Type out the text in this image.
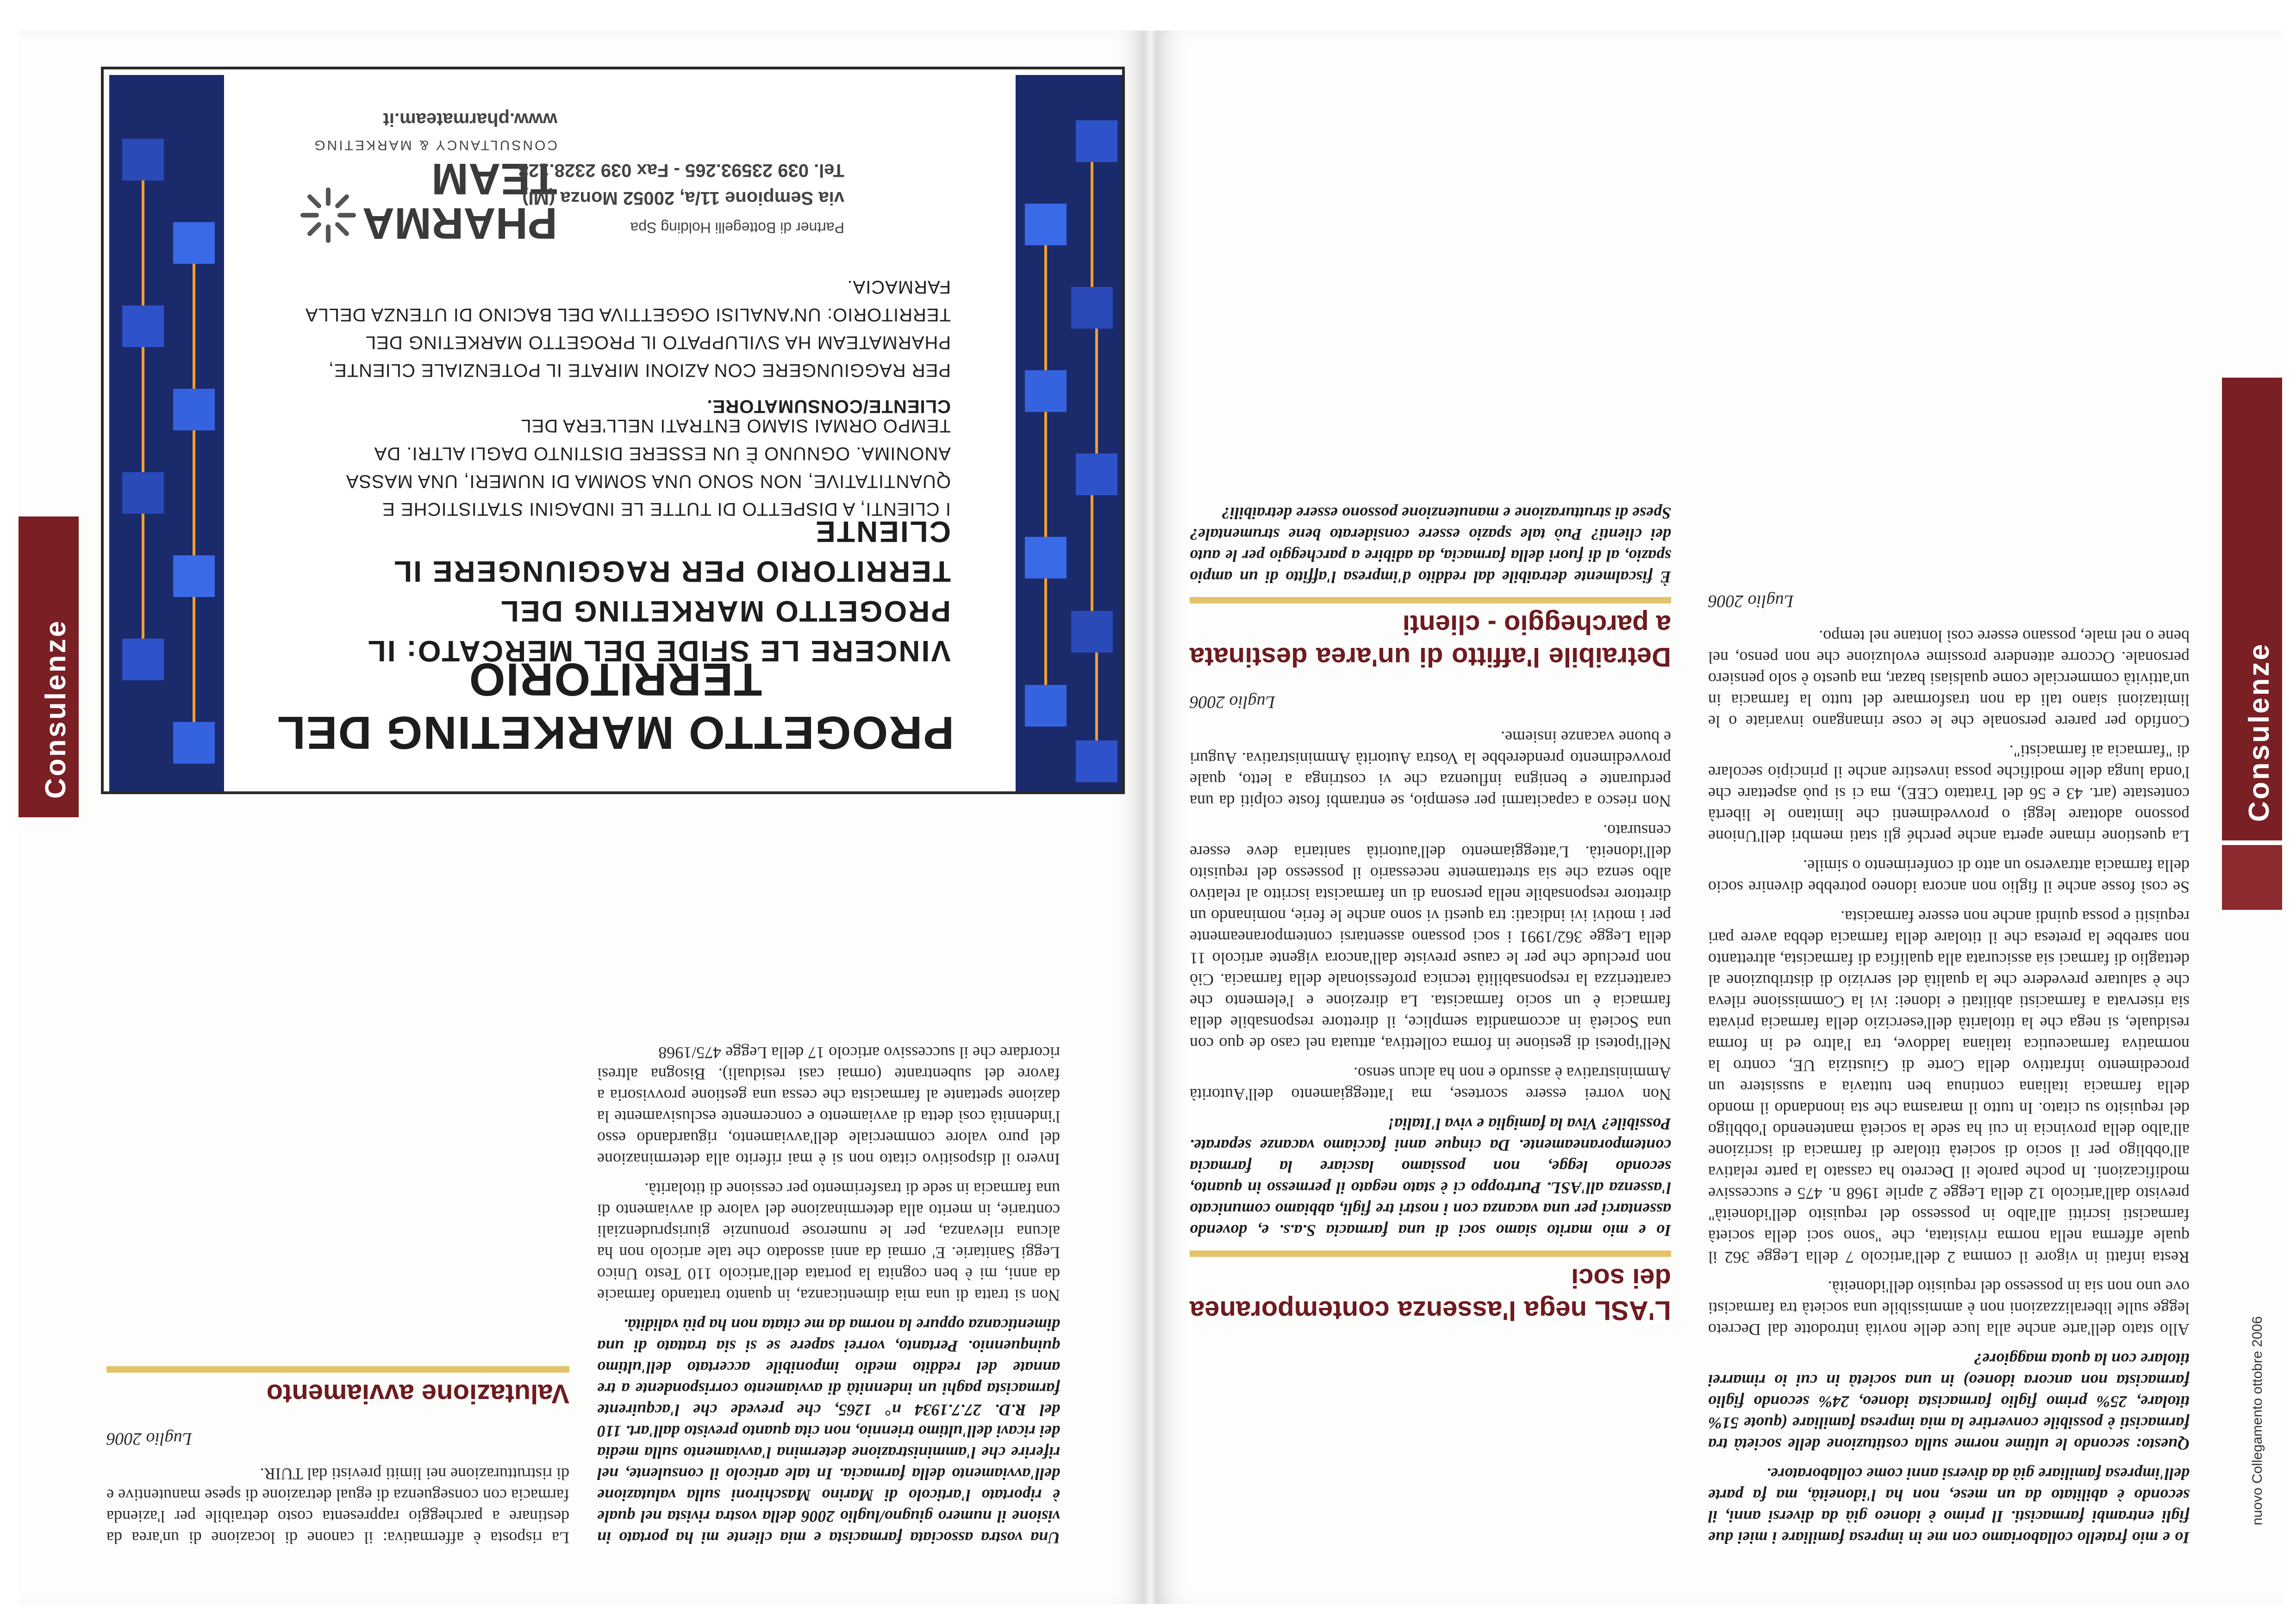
nuovo Collegamento ottobre 2006
Consulenze

Io e mio fratello collaboriamo con me in impresa familiare i miei due figli entrambi farmacisti. Il primo è idoneo già da diversi anni, il secondo è abilitato da un mese, non ha l'idoneità, ma fa parte dell'impresa familiare già da diversi anni come collaboratore.

Questo: secondo le ultime norme sulla costituzione delle società tra farmacisti è possibile convertire la mia impresa familiare (quote 51% titolare, 25% primo figlio farmacista idoneo, 24% secondo figlio farmacista non ancora idoneo) in una società in cui io rimarrei titolare con la quota maggiore?

Allo stato dell'arte anche alla luce delle novità introdotte dal Decreto legge sulle liberalizzazioni non è ammissibile una società tra farmacisti ove uno non sia in possesso del requisito dell'idoneità.

Resta infatti in vigore il comma 2 dell'articolo 7 della Legge 362 il quale afferma nella norma rivisitata, che "sono soci della società farmacisti iscritti all'albo in possesso del requisito dell'idoneità" previsto dall'articolo 12 della Legge 2 aprile 1968 n. 475 e successive modificazioni. In poche parole il Decreto ha cassato la parte relativa all'obbligo per il socio di società titolare di farmacia di iscrizione all'albo della provincia in cui ha sede la società mantenendo l'obbligo del requisito su citato. In tutto il marasma che sta inondando il mondo della farmacia italiana continua ben tuttavia a sussistere un procedimento infrattivo della Corte di Giustizia UE, contro la normativa farmaceutica italiana laddove, tra l'altro ed in forma residuale, si nega che la titolarità dell'esercizio della farmacia privata sia riservata a farmacisti abilitati e idonei: ivi la Commissione rileva che è salutare prevedere che la qualità del servizio di distribuzione al dettaglio di farmaci sia assicurata alla qualifica di farmacista, altrettanto non sarebbe la pretesa che il titolare della farmacia debba avere pari requisiti e possa quindi anche non essere farmacista.

Se così fosse anche il figlio non ancora idoneo potrebbe divenire socio della farmacia attraverso un atto di conferimento o simile.

La questione rimane aperta anche perché gli stati membri dell'Unione possono adottare leggi o provvedimenti che limitano le libertà contestate (art. 43 e 56 del Trattato CEE), ma ci si può aspettare che l'onda lunga delle modifiche possa investire anche il principio secolare di "farmacia ai farmacisti".

Confido per parere personale che le cose rimangano invariate o le limitazioni siano tali da non trasformare del tutto la farmacia in un'attività commerciale come qualsiasi bazar, ma questo è solo pensiero personale. Occorre attendere prossime evoluzione che non penso, nel bene o nel male, possano essere così lontane nel tempo.

Luglio 2006
L'ASL nega l'assenza contemporanea dei soci

Io e mio marito siamo soci di una farmacia S.a.s. e, dovendo assentarci per una vacanza con i nostri tre figli, abbiamo comunicato l'assenza all'ASL. Purtroppo ci è stato negato il permesso in quanto, secondo legge, non possiamo lasciare la farmacia contemporaneamente. Da cinque anni facciamo vacanze separate. Possibile? Viva la famiglia e viva l'Italia!

Non vorrei essere scortese, ma l'atteggiamento dell'Autorità Amministrativa è assurdo e non ha alcun senso.

Nell'ipotesi di gestione in forma collettiva, attuata nel caso de quo con una Società in accomandita semplice, il direttore responsabile della farmacia è un socio farmacista. La direzione e l'elemento che caratterizza la responsabilità tecnica professionale della farmacia. Ciò non preclude che per le cause previste dall'ancora vigente articolo 11 della Legge 362/1991 i soci possano assentarsi contemporaneamente per i motivi ivi indicati: tra questi vi sono anche le ferie, nominando un direttore responsabile nella persona di un farmacista iscritto al relativo albo senza che sia strettamente necessario il possesso del requisito dell'idoneità. L'atteggiamento dell'autorità sanitaria deve essere censurato.

Non riesco a capacitarmi per esempio, se entrambi foste colpiti da una perdurante e benigna influenza che vi costringa a letto, quale provvedimento prenderebbe la Vostra Autorità Amministrativa. Auguri e buone vacanze insieme.

Luglio 2006
Detraibile l'affitto di un'area destinata a parcheggio - clienti

È fiscalmente detraibile dal reddito d'impresa l'affitto di un ampio spazio, al di fuori della farmacia, da adibire a parcheggio per le auto dei clienti? Può tale spazio essere considerato bene strumentale? Spese di strutturazione e manutenzione possono essere detraibili?

Consulenze

Una vostra associata farmacista e mia cliente mi ha portato in visione il numero giugno/luglio 2006 della vostra rivista nel quale è riportato l'articolo di Marino Maschironi sulla valutazione dell'avviamento della farmacia. In tale articolo il consulente, nel riferire che l'amministrazione determina l'avviamento sulla media dei ricavi dell'ultimo triennio, non cita quanto previsto dall'art. 110 del R.D. 27.7.1934 n° 1265, che prevede che l'acquirente farmacista paghi un indennità di avviamento corrispondente a tre annate del reddito medio imponibile accertato dell'ultimo quinquennio. Pertanto, vorrei sapere se si sia trattato di una dimenticanza oppure la norma da me citata non ha più validità.

Non si tratta di una mia dimenticanza, in quanto trattando farmacie da anni, mi è ben cognita la portata dell'articolo 110 Testo Unico Leggi Sanitarie. E' ormai da anni assodato che tale articolo non ha alcuna rilevanza, per le numerose pronunzie giurisprudenziali contrarie, in merito alla determinazione del valore di avviamento di una farmacia in sede di trasferimento per cessione di titolarità.

Invero il dispositivo citato non si è mai riferito alla determinazione del puro valore commerciale dell'avviamento, riguardando esso l'indennità così detta di avviamento e concernente esclusivamente la dazione spettante al farmacista che cessa una gestione provvisoria a favore del subentrante (ormai casi residuali). Bisogna altresì ricordare che il successivo articolo 17 della Legge 475/1968

La risposta è affermativa: il canone di locazione di un'area da destinare a parcheggio rappresenta costo detraibile per l'azienda farmacia con conseguenza di egual detrazione di spese manutentive e di ristrutturazione nei limiti previsti dal TUIR.

Luglio 2006
Valutazione avviamento
PROGETTO MARKETING DEL TERRITORIO
VINCERE LE SFIDE DEL MERCATO: IL PROGETTO MARKETING DEL TERRITORIO PER RAGGIUNGERE IL CLIENTE
I CLIENTI, A DISPETTO DI TUTTE LE INDAGINI STATISTICHE E QUANTITATIVE, NON SONO UNA SOMMA DI NUMERI, UNA MASSA ANONIMA. OGNUNO È UN ESSERE DISTINTO DAGLI ALTRI. DA TEMPO ORMAI SIAMO ENTRATI NELL'ERA DEL
CLIENTE/CONSUMATORE.
PER RAGGIUNGERE CON AZIONI MIRATE IL POTENZIALE CLIENTE, PHARMATEAM HA SVILUPPATO IL PROGETTO MARKETING DEL TERRITORIO: UN'ANALISI OGGETTIVA DEL BACINO DI UTENZA DELLA FARMACIA.
PHARMA TEAM
CONSULTANCY & MARKETING
www.pharmateam.it
Partner di Bottegelli Holding Spa
via Sempione 11/a, 20052 Monza (MI)
Tel. 039 23593.265 - Fax 039 2328.128
